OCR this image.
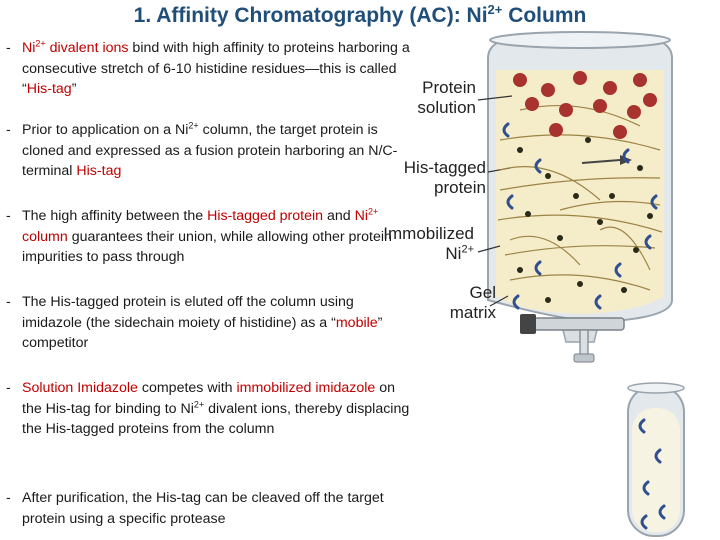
1. Affinity Chromatography (AC): $Ni^{2+}$ Column
- $Ni^{2+}$ divalent ions bind with high affinity to proteins harboring a consecutive stretch of 6-10 histidine residues—this is called “His-tag”
- Prior to application on a $Ni^{2+}$ column, the target protein is cloned and expressed as a fusion protein harboring an N/C-terminal His-tag
- The high affinity between the His-tagged protein and $Ni^{2+}$ column guarantees their union, while allowing other protein impurities to pass through
- The His-tagged protein is eluted off the column using imidazole (the sidechain moiety of histidine) as a “mobile” competitor
- Solution Imidazole competes with immobilized imidazole on the His-tag for binding to $Ni^{2+}$ divalent ions, thereby displacing the His-tagged proteins from the column
- After purification, the His-tag can be cleaved off the target protein using a specific protease
Protein
solution
His-tagged
protein
Immobilized
$Ni^{2+}$
Gel
matrix
